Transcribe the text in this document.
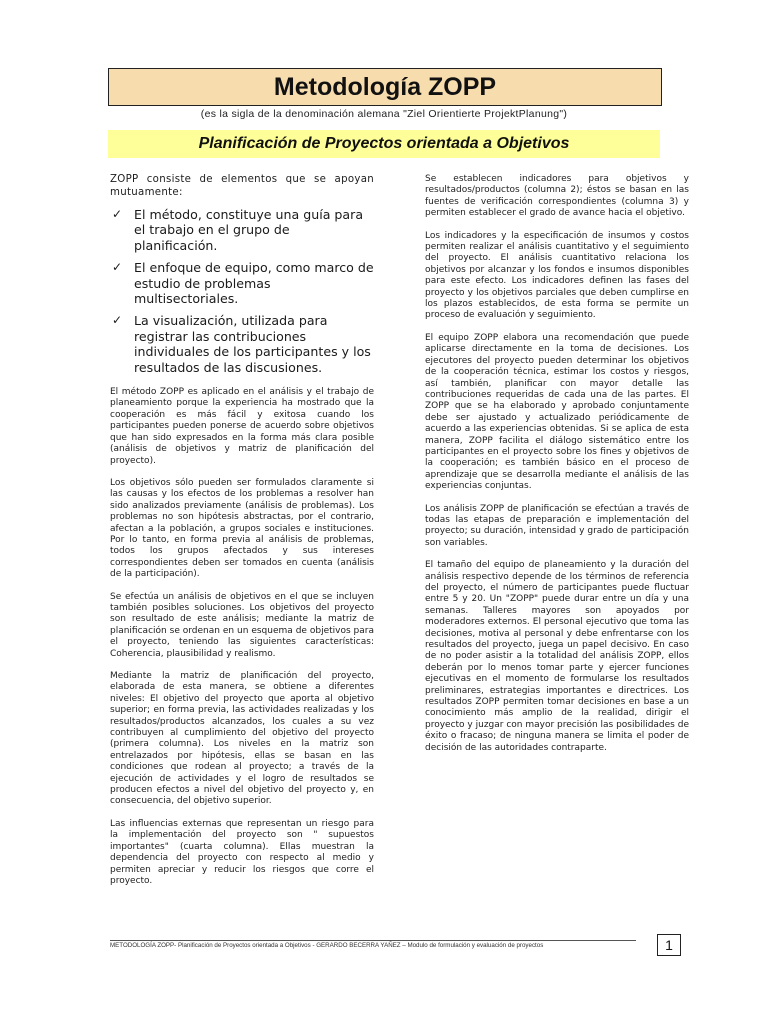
Metodología ZOPP
(es la sigla de la denominación alemana "Ziel Orientierte ProjektPlanung")
Planificación de Proyectos orientada a Objetivos

ZOPP consiste de elementos que se apoyan mutuamente:

✓ El método, constituye una guía para el trabajo en el grupo de planificación.
✓ El enfoque de equipo, como marco de estudio de problemas multisectoriales.
✓ La visualización, utilizada para registrar las contribuciones individuales de los participantes y los resultados de las discusiones.

El método ZOPP es aplicado en el análisis y el trabajo de planeamiento porque la experiencia ha mostrado que la cooperación es más fácil y exitosa cuando los participantes pueden ponerse de acuerdo sobre objetivos que han sido expresados en la forma más clara posible (análisis de objetivos y matriz de planificación del proyecto).

Los objetivos sólo pueden ser formulados claramente si las causas y los efectos de los problemas a resolver han sido analizados previamente (análisis de problemas). Los problemas no son hipótesis abstractas, por el contrario, afectan a la población, a grupos sociales e instituciones. Por lo tanto, en forma previa al análisis de problemas, todos los grupos afectados y sus intereses correspondientes deben ser tomados en cuenta (análisis de la participación).

Se efectúa un análisis de objetivos en el que se incluyen también posibles soluciones. Los objetivos del proyecto son resultado de este análisis; mediante la matriz de planificación se ordenan en un esquema de objetivos para el proyecto, teniendo las siguientes características: Coherencia, plausibilidad y realismo.

Mediante la matriz de planificación del proyecto, elaborada de esta manera, se obtiene a diferentes niveles: El objetivo del proyecto que aporta al objetivo superior; en forma previa, las actividades realizadas y los resultados/productos alcanzados, los cuales a su vez contribuyen al cumplimiento del objetivo del proyecto (primera columna). Los niveles en la matriz son entrelazados por hipótesis, ellas se basan en las condiciones que rodean al proyecto; a través de la ejecución de actividades y el logro de resultados se producen efectos a nivel del objetivo del proyecto y, en consecuencia, del objetivo superior.

Las influencias externas que representan un riesgo para la implementación del proyecto son " supuestos importantes" (cuarta columna). Ellas muestran la dependencia del proyecto con respecto al medio y permiten apreciar y reducir los riesgos que corre el proyecto.

Se establecen indicadores para objetivos y resultados/productos (columna 2); éstos se basan en las fuentes de verificación correspondientes (columna 3) y permiten establecer el grado de avance hacia el objetivo.

Los indicadores y la especificación de insumos y costos permiten realizar el análisis cuantitativo y el seguimiento del proyecto. El análisis cuantitativo relaciona los objetivos por alcanzar y los fondos e insumos disponibles para este efecto. Los indicadores definen las fases del proyecto y los objetivos parciales que deben cumplirse en los plazos establecidos, de esta forma se permite un proceso de evaluación y seguimiento.

El equipo ZOPP elabora una recomendación que puede aplicarse directamente en la toma de decisiones. Los ejecutores del proyecto pueden determinar los objetivos de la cooperación técnica, estimar los costos y riesgos, así también, planificar con mayor detalle las contribuciones requeridas de cada una de las partes. El ZOPP que se ha elaborado y aprobado conjuntamente debe ser ajustado y actualizado periódicamente de acuerdo a las experiencias obtenidas. Si se aplica de esta manera, ZOPP facilita el diálogo sistemático entre los participantes en el proyecto sobre los fines y objetivos de la cooperación; es también básico en el proceso de aprendizaje que se desarrolla mediante el análisis de las experiencias conjuntas.

Los análisis ZOPP de planificación se efectúan a través de todas las etapas de preparación e implementación del proyecto; su duración, intensidad y grado de participación son variables.

El tamaño del equipo de planeamiento y la duración del análisis respectivo depende de los términos de referencia del proyecto, el número de participantes puede fluctuar entre 5 y 20. Un "ZOPP" puede durar entre un día y una semanas. Talleres mayores son apoyados por moderadores externos. El personal ejecutivo que toma las decisiones, motiva al personal y debe enfrentarse con los resultados del proyecto, juega un papel decisivo. En caso de no poder asistir a la totalidad del análisis ZOPP, ellos deberán por lo menos tomar parte y ejercer funciones ejecutivas en el momento de formularse los resultados preliminares, estrategias importantes e directrices. Los resultados ZOPP permiten tomar decisiones en base a un conocimiento más amplio de la realidad, dirigir el proyecto y juzgar con mayor precisión las posibilidades de éxito o fracaso; de ninguna manera se limita el poder de decisión de las autoridades contraparte.

METODOLOGÍA ZOPP- Planificación de Proyectos orientada a Objetivos - GERARDO BECERRA YAÑEZ – Modulo de formulación y evaluación de proyectos	1
